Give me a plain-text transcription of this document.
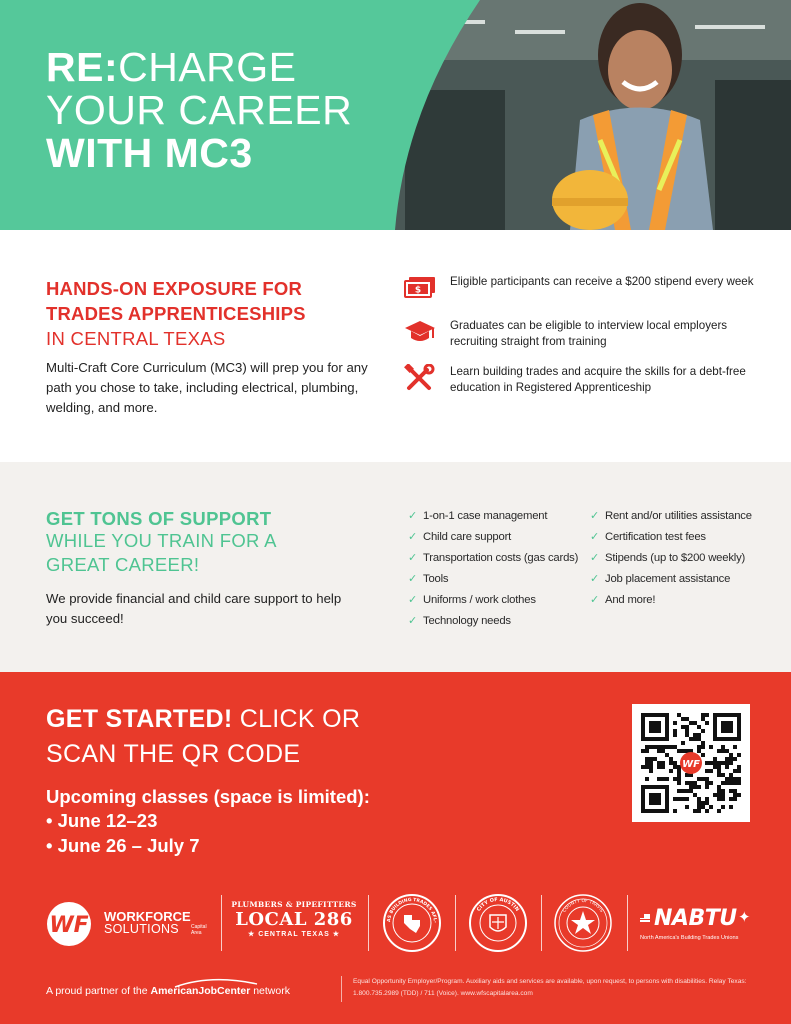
RE:CHARGE
YOUR CAREER
WITH MC3
HANDS-ON EXPOSURE FOR
TRADES APPRENTICESHIPS
IN CENTRAL TEXAS

Multi-Craft Core Curriculum (MC3) will prep you for any path you chose to take, including electrical, plumbing, welding, and more.

$
Eligible participants can receive a $200 stipend every week
Graduates can be eligible to interview local employers recruiting straight from training
Learn building trades and acquire the skills for a debt-free education in Registered Apprenticeship
GET TONS OF SUPPORT
WHILE YOU TRAIN FOR A
GREAT CAREER!

We provide financial and child care support to help you succeed!

✓ 1-on-1 case management
✓ Child care support
✓ Transportation costs (gas cards)
✓ Tools
✓ Uniforms / work clothes
✓ Technology needs
✓ Rent and/or utilities assistance
✓ Certification test fees
✓ Stipends (up to $200 weekly)
✓ Job placement assistance
✓ And more!
GET STARTED! CLICK OR
SCAN THE QR CODE
Upcoming classes (space is limited):
• June 12–23
• June 26 – July 7
WF
WF WORKFORCE
SOLUTIONS Capital Area
PLUMBERS & PIPEFITTERS
LOCAL 286
★ CENTRAL TEXAS ★
AS BUILDING TRADES AFL-
CITY OF AUSTIN	COUNTY OF TRAVIS NABTU ✦
North America's Building Trades Unions
A proud partner of the AmericanJobCenter network

Equal Opportunity Employer/Program. Auxiliary aids and services are available, upon request, to persons with disabilities. Relay Texas: 1.800.735.2989 (TDD) / 711 (Voice). www.wfscapitalarea.com
